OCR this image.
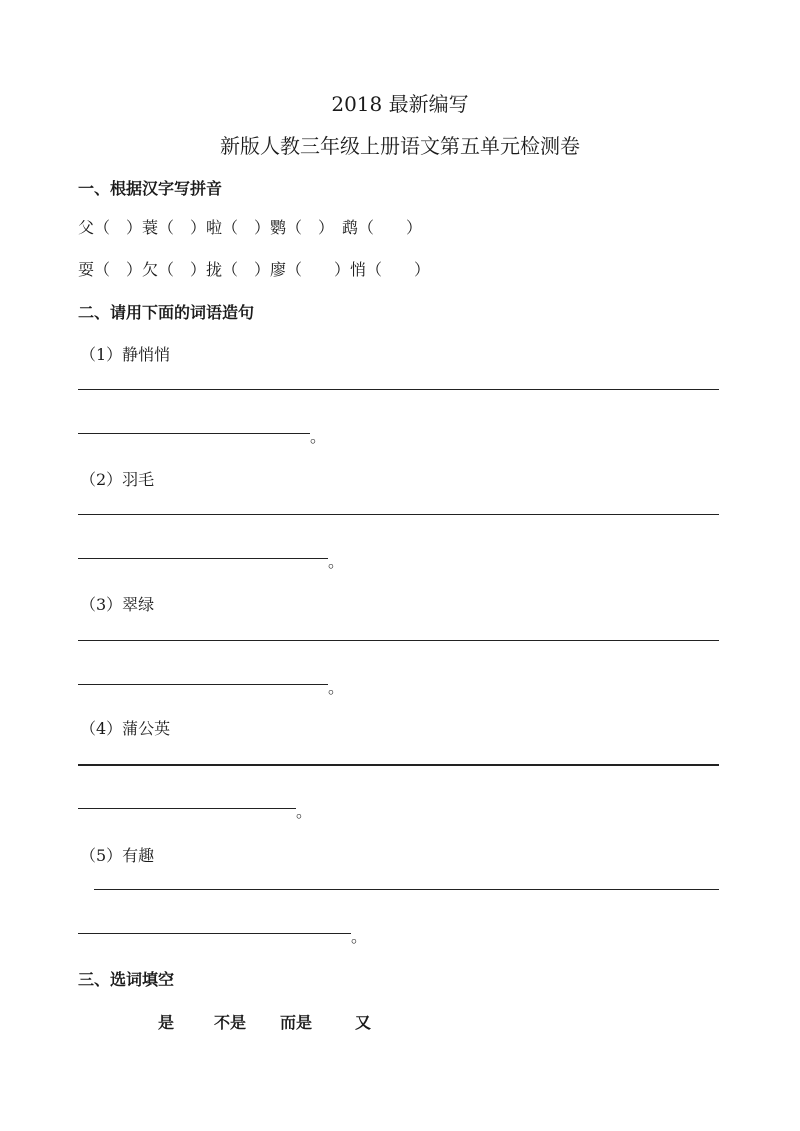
2018 最新编写
新版人教三年级上册语文第五单元检测卷
一、根据汉字写拼音
父（　）蓑（　）啦（　）鹦（　）　鹉（　　）
耍（　）欠（　）拢（　）廖（　　）悄（　　）
二、请用下面的词语造句
（1）静悄悄
。
（2）羽毛
。
（3）翠绿
。
（4）蒲公英
。
（5）有趣
。
三、选词填空
是 不是 而是	又
